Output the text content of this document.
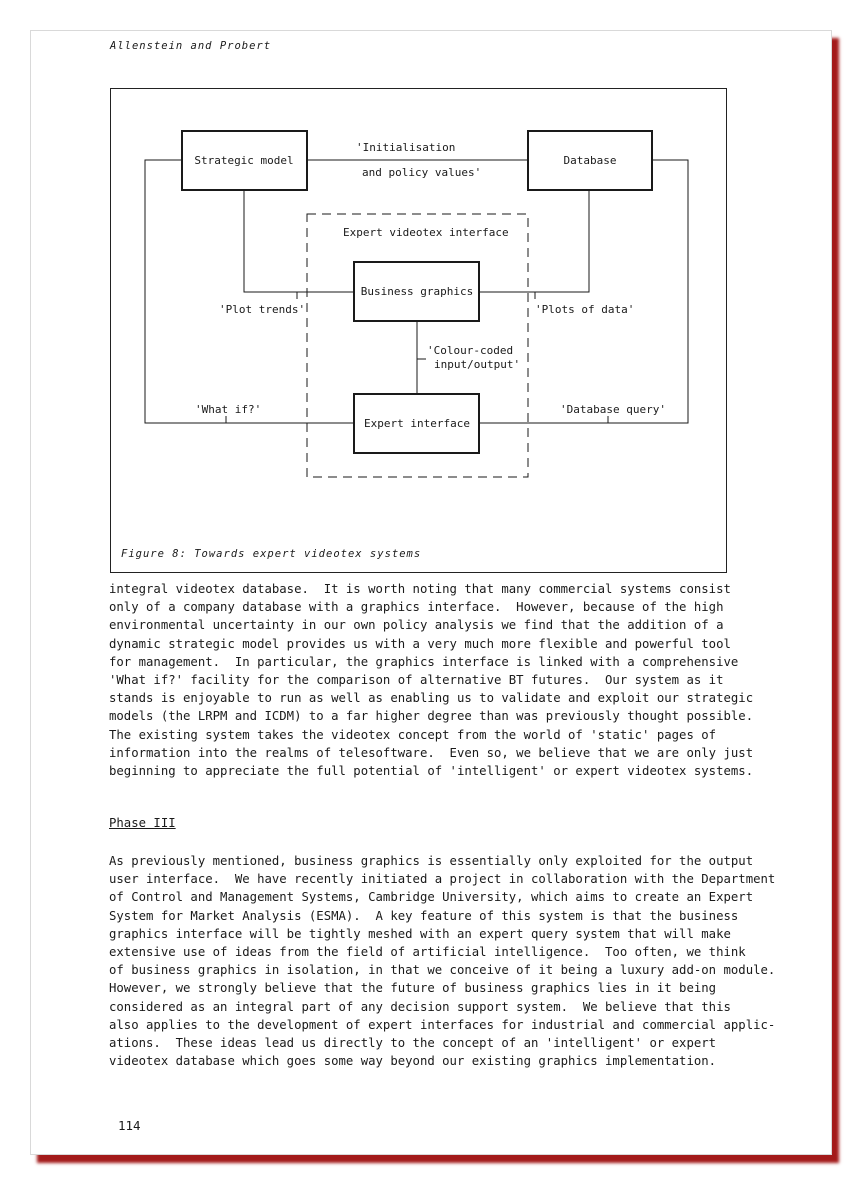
Allenstein and Probert
Strategic model	Database
Business graphics
Expert interface
'Initialisation
and policy values'
Expert videotex interface
'Plot trends'	'Plots of data'
'Colour-coded
input/output'
'What if?'	'Database query'
Figure 8: Towards expert videotex systems
integral videotex database.  It is worth noting that many commercial systems consist
only of a company database with a graphics interface.  However, because of the high
environmental uncertainty in our own policy analysis we find that the addition of a
dynamic strategic model provides us with a very much more flexible and powerful tool
for management.  In particular, the graphics interface is linked with a comprehensive
'What if?' facility for the comparison of alternative BT futures.  Our system as it
stands is enjoyable to run as well as enabling us to validate and exploit our strategic
models (the LRPM and ICDM) to a far higher degree than was previously thought possible.
The existing system takes the videotex concept from the world of 'static' pages of
information into the realms of telesoftware.  Even so, we believe that we are only just
beginning to appreciate the full potential of 'intelligent' or expert videotex systems.
Phase III
As previously mentioned, business graphics is essentially only exploited for the output
user interface.  We have recently initiated a project in collaboration with the Department
of Control and Management Systems, Cambridge University, which aims to create an Expert
System for Market Analysis (ESMA).  A key feature of this system is that the business
graphics interface will be tightly meshed with an expert query system that will make
extensive use of ideas from the field of artificial intelligence.  Too often, we think
of business graphics in isolation, in that we conceive of it being a luxury add-on module.
However, we strongly believe that the future of business graphics lies in it being
considered as an integral part of any decision support system.  We believe that this
also applies to the development of expert interfaces for industrial and commercial applic-
ations.  These ideas lead us directly to the concept of an 'intelligent' or expert
videotex database which goes some way beyond our existing graphics implementation.
114
